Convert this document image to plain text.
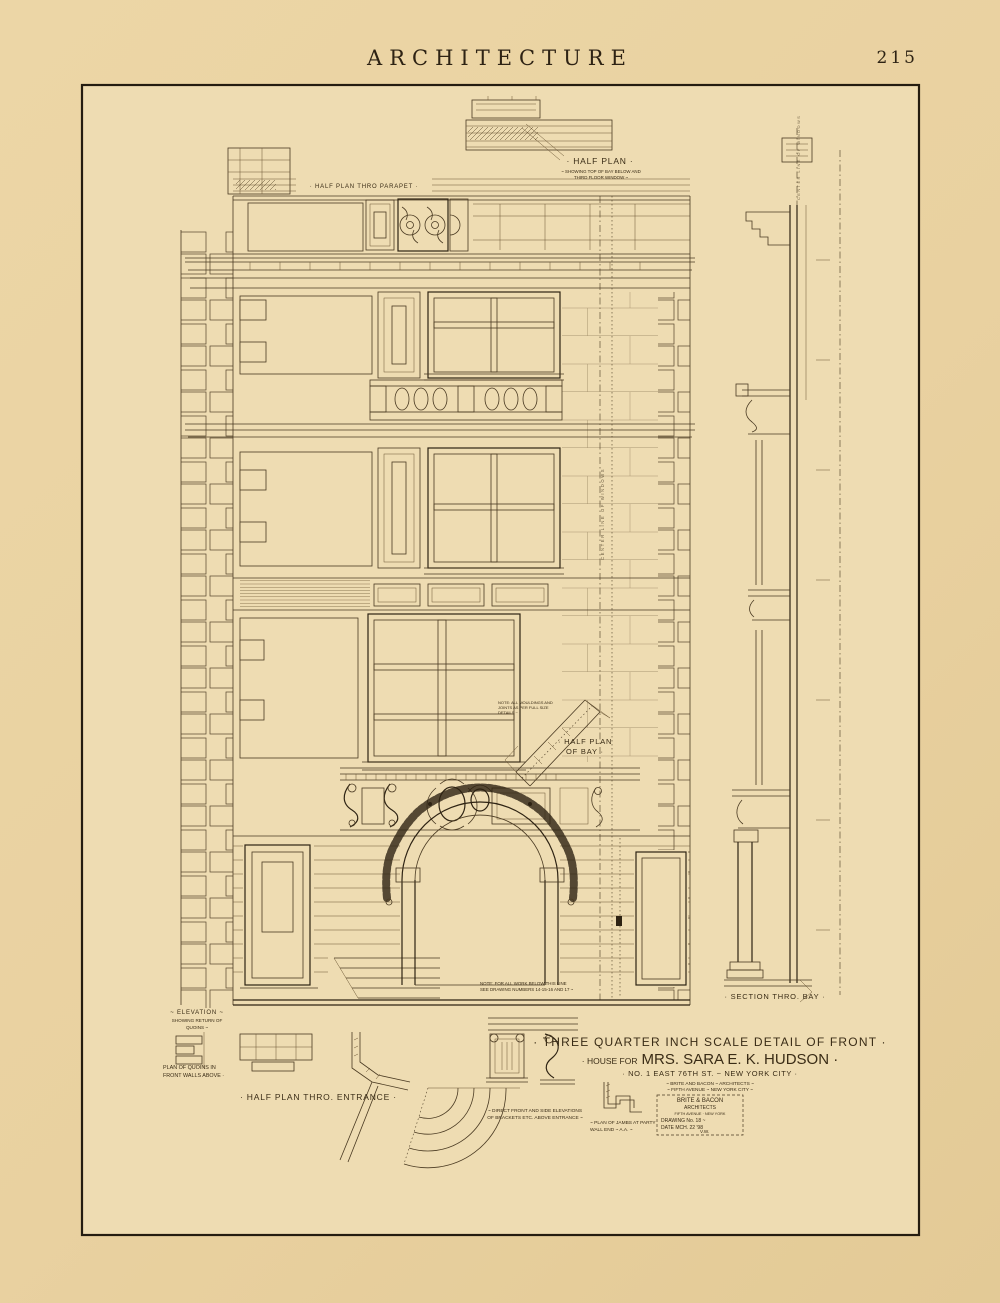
ARCHITECTURE	215
CENTER LINE OF WINDOWS
CENTER LINE OF WINDOWS
· HALF PLAN THRO PARAPET ·
· HALF PLAN ·
~ SHOWING TOP OF BAY BELOW AND
THIRD FLOOR WINDOW ~
NOTE: ALL MOULDINGS AND
JOINTS AS PER FULL SIZE
DETAILS ~
· HALF PLAN
OF BAY ·
NOTE: FOR ALL WORK BELOW THIS LINE
SEE DRAWING NUMBERS 14-15-16 AND 17 ~
~ ELEVATION ~
SHOWING RETURN OF
QUOINS ~
PLAN OF QUOINS IN
FRONT WALLS ABOVE ·
· HALF PLAN THRO. ENTRANCE ·
~ DIRECT FRONT AND SIDE ELEVATIONS
OF BRACKETS ETC. ABOVE ENTRANCE ~
~ PLAN OF JAMBS AT PARTY
WALL END ~ A.A. ~
· SECTION THRO. BAY ·
· THREE QUARTER INCH SCALE DETAIL OF FRONT ·
· HOUSE FOR MRS. SARA E. K. HUDSON ·
· NO. 1 EAST 76TH ST. ~ NEW YORK CITY ·
~ BRITE AND BACON ~ ARCHITECTS ~
~ FIFTH AVENUE ~ NEW YORK CITY ~
BRITE & BACON
ARCHITECTS
FIFTH AVENUE · NEW YORK
DRAWING No. 18 ~
DATE MCH. 22 '98
V.W.
